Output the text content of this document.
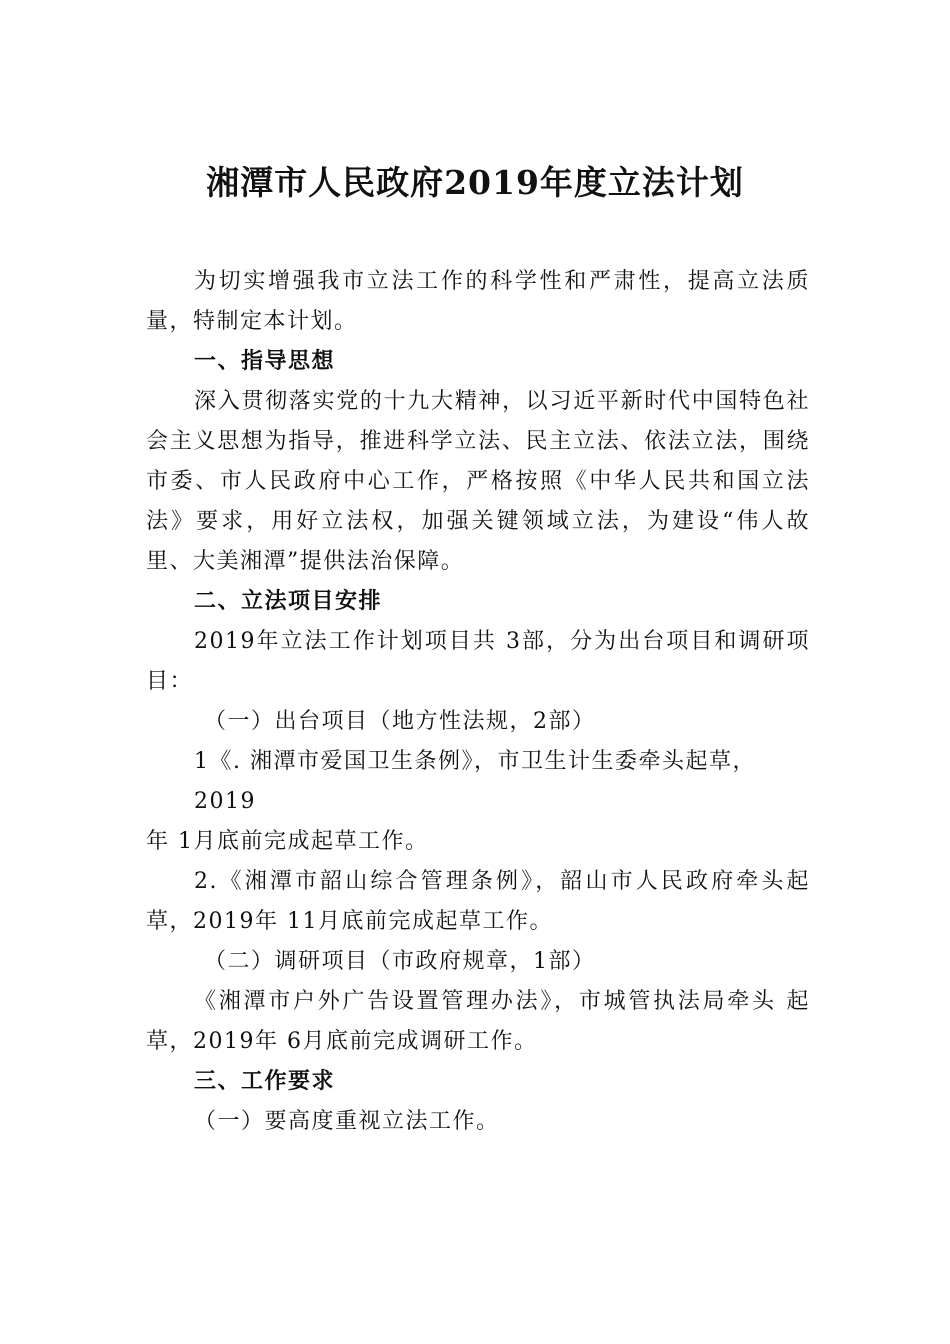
湘潭市人民政府2019年度立法计划

为切实增强我市立法工作的科学性和严肃性，提高立法质量，特制定本计划。

一、指导思想

深入贯彻落实党的十九大精神，以习近平新时代中国特色社会主义思想为指导，推进科学立法、民主立法、依法立法，围绕市委、市人民政府中心工作，严格按照《中华人民共和国立法法》要求，用好立法权，加强关键领域立法，为建设“伟人故里、大美湘潭”提供法治保障。

二、立法项目安排

2019年立法工作计划项目共 3部，分为出台项目和调研项目：

（一）出台项目（地方性法规，2部）

1《. 湘潭市爱国卫生条例》，市卫生计生委牵头起草，

2019

年 1月底前完成起草工作。

2.《湘潭市韶山综合管理条例》，韶山市人民政府牵头起草，2019年 11月底前完成起草工作。

（二）调研项目（市政府规章，1部）

《湘潭市户外广告设置管理办法》，市城管执法局牵头 起草，2019年 6月底前完成调研工作。

三、工作要求

（一）要高度重视立法工作。
